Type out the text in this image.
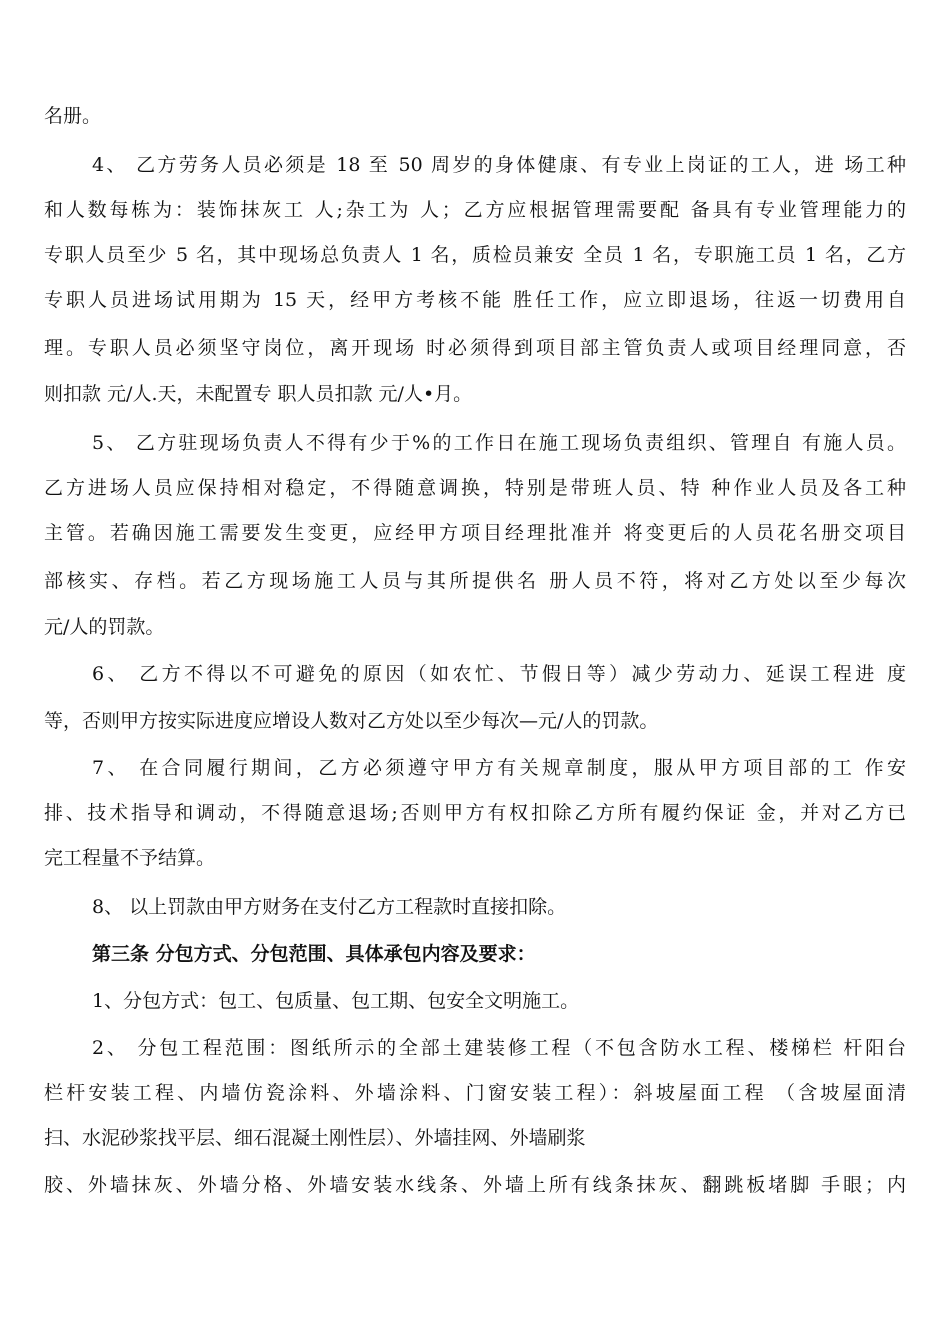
名册。
4、 乙方劳务人员必须是 18 至 50 周岁的身体健康、有专业上岗证的工人，进 场工种
和人数每栋为：装饰抹灰工 人;杂工为 人；乙方应根据管理需要配 备具有专业管理能力的
专职人员至少 5 名，其中现场总负责人 1 名，质检员兼安 全员 1 名，专职施工员 1 名，乙方
专职人员进场试用期为 15 天，经甲方考核不能 胜任工作，应立即退场，往返一切费用自
理。专职人员必须坚守岗位，离开现场 时必须得到项目部主管负责人或项目经理同意，否
则扣款 元/人.天，未配置专 职人员扣款 元/人•月。
5、 乙方驻现场负责人不得有少于%的工作日在施工现场负责组织、管理自 有施人员。
乙方进场人员应保持相对稳定，不得随意调换，特别是带班人员、特 种作业人员及各工种
主管。若确因施工需要发生变更，应经甲方项目经理批准并 将变更后的人员花名册交项目
部核实、存档。若乙方现场施工人员与其所提供名 册人员不符，将对乙方处以至少每次
元/人的罚款。
6、 乙方不得以不可避免的原因（如农忙、节假日等）减少劳动力、延误工程进 度
等，否则甲方按实际进度应增设人数对乙方处以至少每次—元/人的罚款。
7、 在合同履行期间，乙方必须遵守甲方有关规章制度，服从甲方项目部的工 作安
排、技术指导和调动，不得随意退场;否则甲方有权扣除乙方所有履约保证 金，并对乙方已
完工程量不予结算。
8、 以上罚款由甲方财务在支付乙方工程款时直接扣除。
第三条 分包方式、分包范围、具体承包内容及要求：
1、分包方式：包工、包质量、包工期、包安全文明施工。
2、 分包工程范围：图纸所示的全部土建装修工程（不包含防水工程、楼梯栏 杆阳台
栏杆安装工程、内墙仿瓷涂料、外墙涂料、门窗安装工程）：斜坡屋面工程 （含坡屋面清
扫、水泥砂浆找平层、细石混凝土刚性层）、外墙挂网、外墙刷浆
胶、外墙抹灰、外墙分格、外墙安装水线条、外墙上所有线条抹灰、翻跳板堵脚 手眼；内
